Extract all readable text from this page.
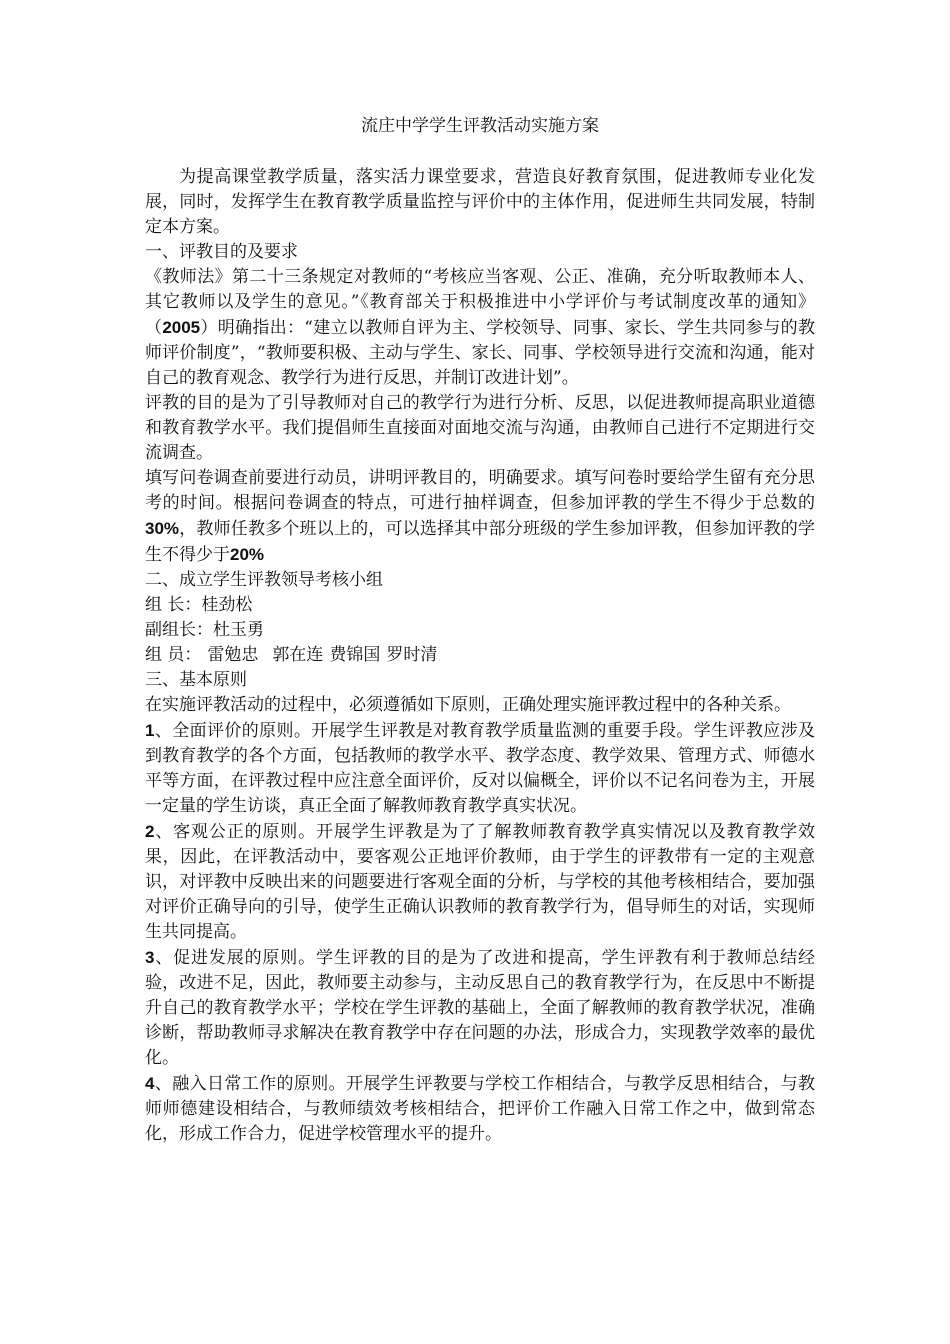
流庄中学学生评教活动实施方案

为提高课堂教学质量，落实活力课堂要求，营造良好教育氛围，促进教师专业化发展，同时，发挥学生在教育教学质量监控与评价中的主体作用，促进师生共同发展，特制定本方案。

一、评教目的及要求

《教师法》第二十三条规定对教师的“考核应当客观、公正、准确，充分听取教师本人、其它教师以及学生的意见。”《教育部关于积极推进中小学评价与考试制度改革的通知》（2005）明确指出：“建立以教师自评为主、学校领导、同事、家长、学生共同参与的教师评价制度”，“教师要积极、主动与学生、家长、同事、学校领导进行交流和沟通，能对自己的教育观念、教学行为进行反思，并制订改进计划”。

评教的目的是为了引导教师对自己的教学行为进行分析、反思，以促进教师提高职业道德和教育教学水平。我们提倡师生直接面对面地交流与沟通，由教师自己进行不定期进行交流调查。

填写问卷调查前要进行动员，讲明评教目的，明确要求。填写问卷时要给学生留有充分思考的时间。根据问卷调查的特点，可进行抽样调查，但参加评教的学生不得少于总数的30%，教师任教多个班以上的，可以选择其中部分班级的学生参加评教，但参加评教的学生不得少于20%

二、成立学生评教领导考核小组
组 长：桂劲松
副组长：杜玉勇
组 员： 雷勉忠 郭在连 费锦国 罗时清
三、基本原则

在实施评教活动的过程中，必须遵循如下原则，正确处理实施评教过程中的各种关系。

1、全面评价的原则。开展学生评教是对教育教学质量监测的重要手段。学生评教应涉及到教育教学的各个方面，包括教师的教学水平、教学态度、教学效果、管理方式、师德水平等方面，在评教过程中应注意全面评价，反对以偏概全，评价以不记名问卷为主，开展一定量的学生访谈，真正全面了解教师教育教学真实状况。

2、客观公正的原则。开展学生评教是为了了解教师教育教学真实情况以及教育教学效果，因此，在评教活动中，要客观公正地评价教师，由于学生的评教带有一定的主观意识，对评教中反映出来的问题要进行客观全面的分析，与学校的其他考核相结合，要加强对评价正确导向的引导，使学生正确认识教师的教育教学行为，倡导师生的对话，实现师生共同提高。

3、促进发展的原则。学生评教的目的是为了改进和提高，学生评教有利于教师总结经验，改进不足，因此，教师要主动参与，主动反思自己的教育教学行为，在反思中不断提升自己的教育教学水平；学校在学生评教的基础上，全面了解教师的教育教学状况，准确诊断，帮助教师寻求解决在教育教学中存在问题的办法，形成合力，实现教学效率的最优化。

4、融入日常工作的原则。开展学生评教要与学校工作相结合，与教学反思相结合，与教师师德建设相结合，与教师绩效考核相结合，把评价工作融入日常工作之中，做到常态化，形成工作合力，促进学校管理水平的提升。
